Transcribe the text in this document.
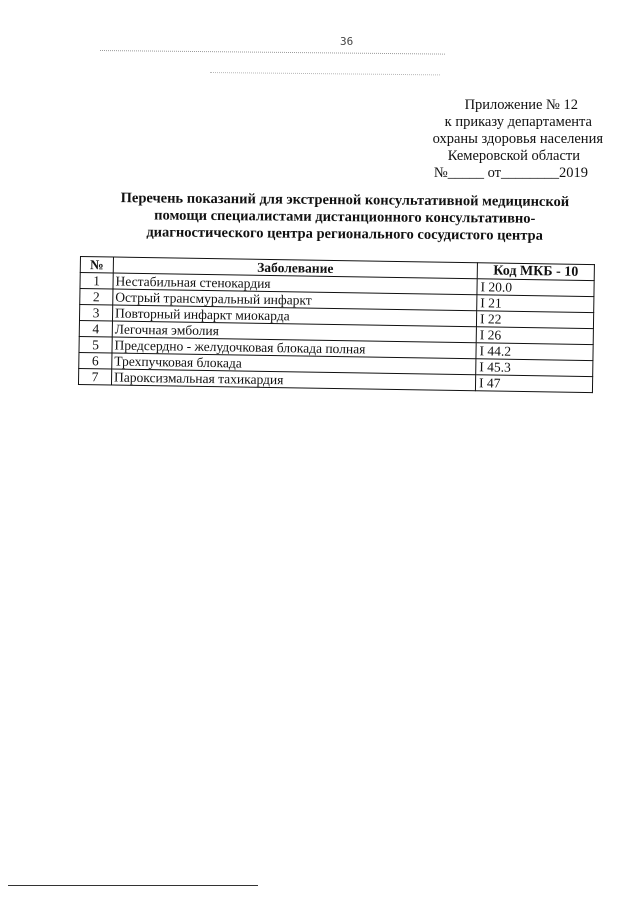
36
Приложение № 12
к приказу департамента
охраны здоровья населения
Кемеровской области
№_____ от________2019
Перечень показаний для экстренной консультативной медицинской помощи специалистами дистанционного консультативно-диагностического центра регионального сосудистого центра
№	Заболевание	Код МКБ - 10
1	Нестабильная стенокардия	I 20.0
2	Острый трансмуральный инфаркт	I 21
3	Повторный инфаркт миокарда	I 22
4	Легочная эмболия	I 26
5	Предсердно - желудочковая блокада полная	I 44.2
6	Трехпучковая блокада	I 45.3
7	Пароксизмальная тахикардия	I 47
